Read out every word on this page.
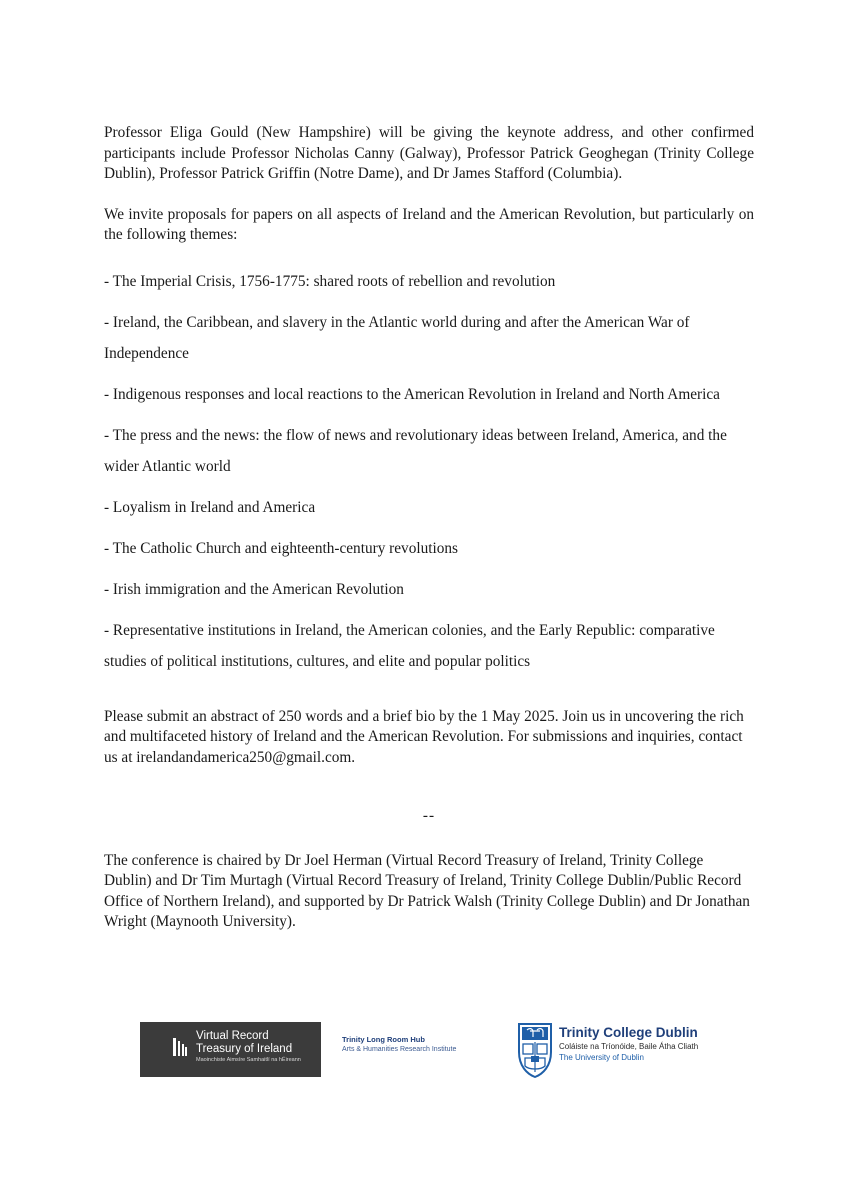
Professor Eliga Gould (New Hampshire) will be giving the keynote address, and other confirmed participants include Professor Nicholas Canny (Galway), Professor Patrick Geoghegan (Trinity College Dublin), Professor Patrick Griffin (Notre Dame), and Dr James Stafford (Columbia).

We invite proposals for papers on all aspects of Ireland and the American Revolution, but particularly on the following themes:

- The Imperial Crisis, 1756-1775: shared roots of rebellion and revolution
- Ireland, the Caribbean, and slavery in the Atlantic world during and after the American War of Independence
- Indigenous responses and local reactions to the American Revolution in Ireland and North America
- The press and the news: the flow of news and revolutionary ideas between Ireland, America, and the wider Atlantic world
- Loyalism in Ireland and America
- The Catholic Church and eighteenth-century revolutions
- Irish immigration and the American Revolution
- Representative institutions in Ireland, the American colonies, and the Early Republic: comparative studies of political institutions, cultures, and elite and popular politics

Please submit an abstract of 250 words and a brief bio by the 1 May 2025. Join us in uncovering the rich and multifaceted history of Ireland and the American Revolution. For submissions and inquiries, contact us at irelandandamerica250@gmail.com.

--

The conference is chaired by Dr Joel Herman (Virtual Record Treasury of Ireland, Trinity College Dublin) and Dr Tim Murtagh (Virtual Record Treasury of Ireland, Trinity College Dublin/Public Record Office of Northern Ireland), and supported by Dr Patrick Walsh (Trinity College Dublin) and Dr Jonathan Wright (Maynooth University).

Virtual Record
Treasury of Ireland
Maoinchiste Aimsíre Samhaitlí na hÉireann
Trinity Long Room Hub
Arts & Humanities Research Institute
Trinity College Dublin
Coláiste na Tríonóide, Baile Átha Cliath
The University of Dublin
